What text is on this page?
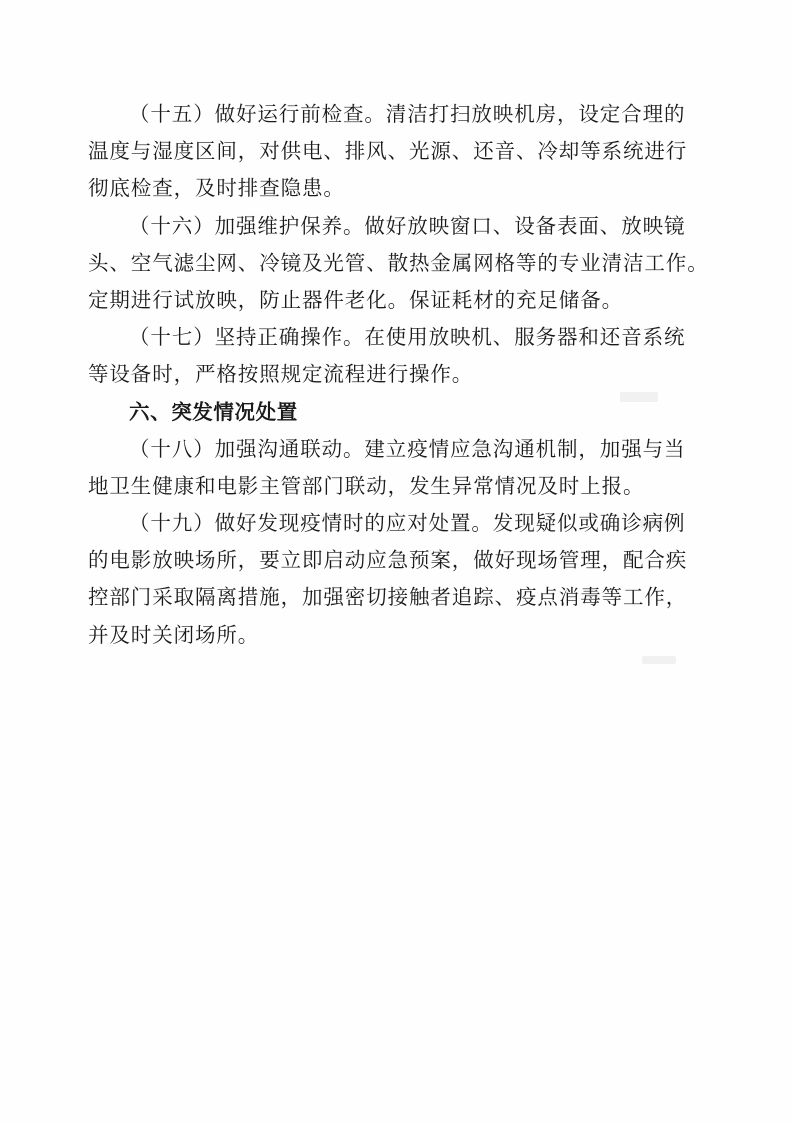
（十五）做好运行前检查。清洁打扫放映机房，设定合理的
温度与湿度区间，对供电、排风、光源、还音、冷却等系统进行
彻底检查，及时排查隐患。
（十六）加强维护保养。做好放映窗口、设备表面、放映镜
头、空气滤尘网、冷镜及光管、散热金属网格等的专业清洁工作。
定期进行试放映，防止器件老化。保证耗材的充足储备。
（十七）坚持正确操作。在使用放映机、服务器和还音系统
等设备时，严格按照规定流程进行操作。
六、突发情况处置
（十八）加强沟通联动。建立疫情应急沟通机制，加强与当
地卫生健康和电影主管部门联动，发生异常情况及时上报。
（十九）做好发现疫情时的应对处置。发现疑似或确诊病例
的电影放映场所，要立即启动应急预案，做好现场管理，配合疾
控部门采取隔离措施，加强密切接触者追踪、疫点消毒等工作，
并及时关闭场所。
